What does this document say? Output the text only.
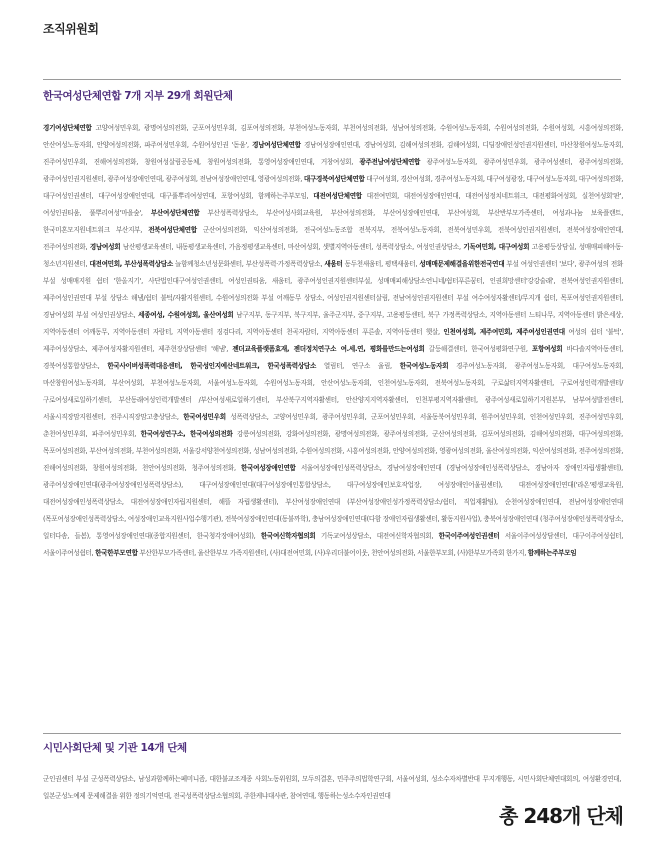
조직위원회
한국여성단체연합 7개 지부 29개 회원단체
경기여성단체연합 고양여성민우회, 광명여성의전화, 군포여성민우회, 김포여성의전화, 부천여성노동자회, 부천여성의전화, 성남여성의전화, 수원여성노동자회, 수원여성의전화, 수원여성회, 시흥여성의전화, 안산여성노동자회, 안양여성의전화, 파주여성민우회, 수원여성인권 '돋움', 경남여성단체연합 경남여성장애인연대, 경남여성회, 김해여성의전화, 김해여성회, 디딤장애인성인권지원센터, 마산창원여성노동자회, 진주여성민우회, 진해여성의전화, 창원여성살림공동체, 창원여성의전화, 통영여성장애인연대, 거창여성회, 광주전남여성단체연합 광주여성노동자회, 광주여성민우회, 광주여성센터, 광주여성의전화, 광주여성인권지원센터, 광주여성장애인연대, 광주여성회, 전남여성장애인연대, 영광여성의전화, 대구경북여성단체연합 대구여성회, 경산여성회, 경주여성노동자회, 대구여성광장, 대구여성노동자회, 대구여성의전화, 대구여성인권센터, 대구여성장애인연대, 대구풀뿌리여성연대, 포항여성회, 함께하는주부모임, 대전여성단체연합 대전여민회, 대전여성장애인연대, 대전여성정치네트워크, 대전평화여성회, 실천여성회'판', 여성인권티움, 풀뿌리여성'마을숲', 부산여성단체연합 부산성폭력상담소, 부산여성사회교육원, 부산여성의전화, 부산여성장애인연대, 부산여성회, 부산반부모가족센터, 여성과나눔 보육플랜트, 한국미혼모지원네트워크 부산지부, 전북여성단체연합 군산여성의전화, 익산여성의전화, 전국여성노동조합 전북지부, 전북여성노동자회, 전북여성민우회, 전북여성인권지원센터, 전북여성장애인연대, 전주여성의전화, 경남여성회 남산평생교육센터, 내동평생교육센터, 가음정평생교육센터, 마산여성회, 샛별지역아동센터, 성폭력상담소, 여성인권상담소, 기독여민회, 대구여성회 고용평등상담실, 성매매피해아동·청소년지원센터, 대전여민회, 부산성폭력상담소 늘함께청소년성문화센터, 부산성폭력·가정폭력상담소, 새움터 동두천새움터, 평택새움터, 성매매문제해결을위한전국연대 부설 여성인권센터 '보다', 광주여성의 전화 부설 성매매지원 쉼터 '한올지기', 사단법인대구여성인권센터, 여성인권티움, 새움터, 광주여성인권지원센터부설, 성매매피해상담소언니네/쉼터푸른꿈터, 인권희망센터'강강술래', 전북여성인권지원센터, 제주여성인권연대 부설 상담소 해냄/쉼터 불턱/자활지원센터, 수원여성의전화 부설 어깨동무 상담소, 여성인권지원센터살림, 전남여성인권지원센터 부설 여수여성자활센터/무지개 쉼터, 목포여성인권지원센터, 경남여성회 부설 여성인권상담소, 세종여성, 수원여성회, 울산여성회 남구지부, 동구지부, 북구지부, 울주군지부, 중구지부, 고용평등센터, 북구 가정폭력상담소, 지역아동센터 느티나무, 지역아동센터 밝은세상, 지역아동센터 어깨동무, 지역아동센터 자람터, 지역아동센터 징검다리, 지역아동센터 천곡자람터, 지역아동센터 푸른솔, 지역아동센터 햇살, 인천여성회, 제주여민회, 제주여성인권연대 여성의 쉼터 '불턱', 제주여성상담소, 제주여성자활지원센터, 제주현장상담센터 '해냄', 젠더교육플랫폼효재, 젠더정치연구소 여.세.연, 평화를만드는여성회 갈등해결센터, 한국여성평화연구원, 포항여성회 바다솔지역아동센터, 경북여성통합상담소, 한국사이버성폭력대응센터, 한국성인지예산네트워크, 한국성폭력상담소 열림터, 연구소 울림, 한국여성노동자회 경주여성노동자회, 광주여성노동자회, 대구여성노동자회, 마산창원여성노동자회, 부산여성회, 부천여성노동자회, 서울여성노동자회, 수원여성노동자회, 안산여성노동자회, 인천여성노동자회, 전북여성노동자회, 구로삶터지역자활센터, 구로여성인력개발센터/구로여성새로일하기센터, 부산동래여성인력개발센터 /부산여성새로일하기센터, 부산북구지역자활센터, 안산양지지역자활센터, 인천부평지역자활센터, 광주여성새로일하기지원본부, 남부여성발전센터, 서울시직장맘지원센터, 전주시직장맘고충상담소, 한국여성민우회 성폭력상담소, 고양여성민우회, 광주여성민우회, 군포여성민우회, 서울동북여성민우회, 원주여성민우회, 인천여성민우회, 진주여성민우회, 춘천여성민우회, 파주여성민우회, 한국여성연구소, 한국여성의전화 강릉여성의전화, 강화여성의전화, 광명여성의전화, 광주여성의전화, 군산여성의전화, 김포여성의전화, 김해여성의전화, 대구여성의전화, 목포여성의전화, 부산여성의전화, 부천여성의전화, 서울강서양천여성의전화, 성남여성의전화, 수원여성의전화, 시흥여성의전화, 안양여성의전화, 영광여성의전화, 울산여성의전화, 익산여성의전화, 전주여성의전화, 진해여성의전화, 창원여성의전화, 천안여성의전화, 청주여성의전화, 한국여성장애인연합 서울여성장애인성폭력상담소, 경남여성장애인연대 (경남여성장애인성폭력상담소, 경남아자 장애인자립생활센터), 광주여성장애인연대(광주여성장애인성폭력상담소), 대구여성장애인연대(대구여성장애인통합상담소, 대구여성장애인보호작업장, 여성장애인어울림센터), 대전여성장애인연대('라온'평생교육원, 대전여성장애인성폭력상담소, 대전여성장애인자립지원센터, 해뜰 자립생활센터), 부산여성장애인연대 (부산여성장애인성가정폭력상담소/쉼터, 직업재활팀), 순천여성장애인연대, 전남여성장애인연대(목포여성장애인성폭력상담소, 여성장애인교육지원사업수행기관), 전북여성장애인연대(동불까학), 충남여성장애인연대(다함 장애인자립생활센터, 활동지원사업), 충북여성장애인연대 (청주여성장애인성폭력상담소, 일터다솜, 들봄), 통영여성장애인연대(종합지원센터, 한국청각장애여성회), 한국여신학자협의회 기독교여성상담소, 대전여신학자협의회, 한국이주여성인권센터 서울이주여성상담센터, 대구이주여성쉼터, 서울이주여성쉼터, 한국한부모연합 부산한부모가족센터, 울산한부모 가족지원센터, (사)대전여민회, (사)우리더불어이웃, 천안여성의전화, 서울한부모회, (사)한부모가족회 한가지, 함께하는주부모임
시민사회단체 및 기관 14개 단체
군인권센터 부설 군성폭력상담소, 남성과함께하는페미니즘, 대한불교조계종 사회노동위원회, 모두의결혼, 민주주의법학연구회, 서울여성회, 성소수자차별반대 무지개행동, 시민사회단체연대회의, 여성환경연대, 일본군성노예제 문제해결을 위한 정의기억연대, 전국성폭력상담소협의회, 주한케냐대사관, 참여연대, 행동하는성소수자인권연대
총 248개 단체
